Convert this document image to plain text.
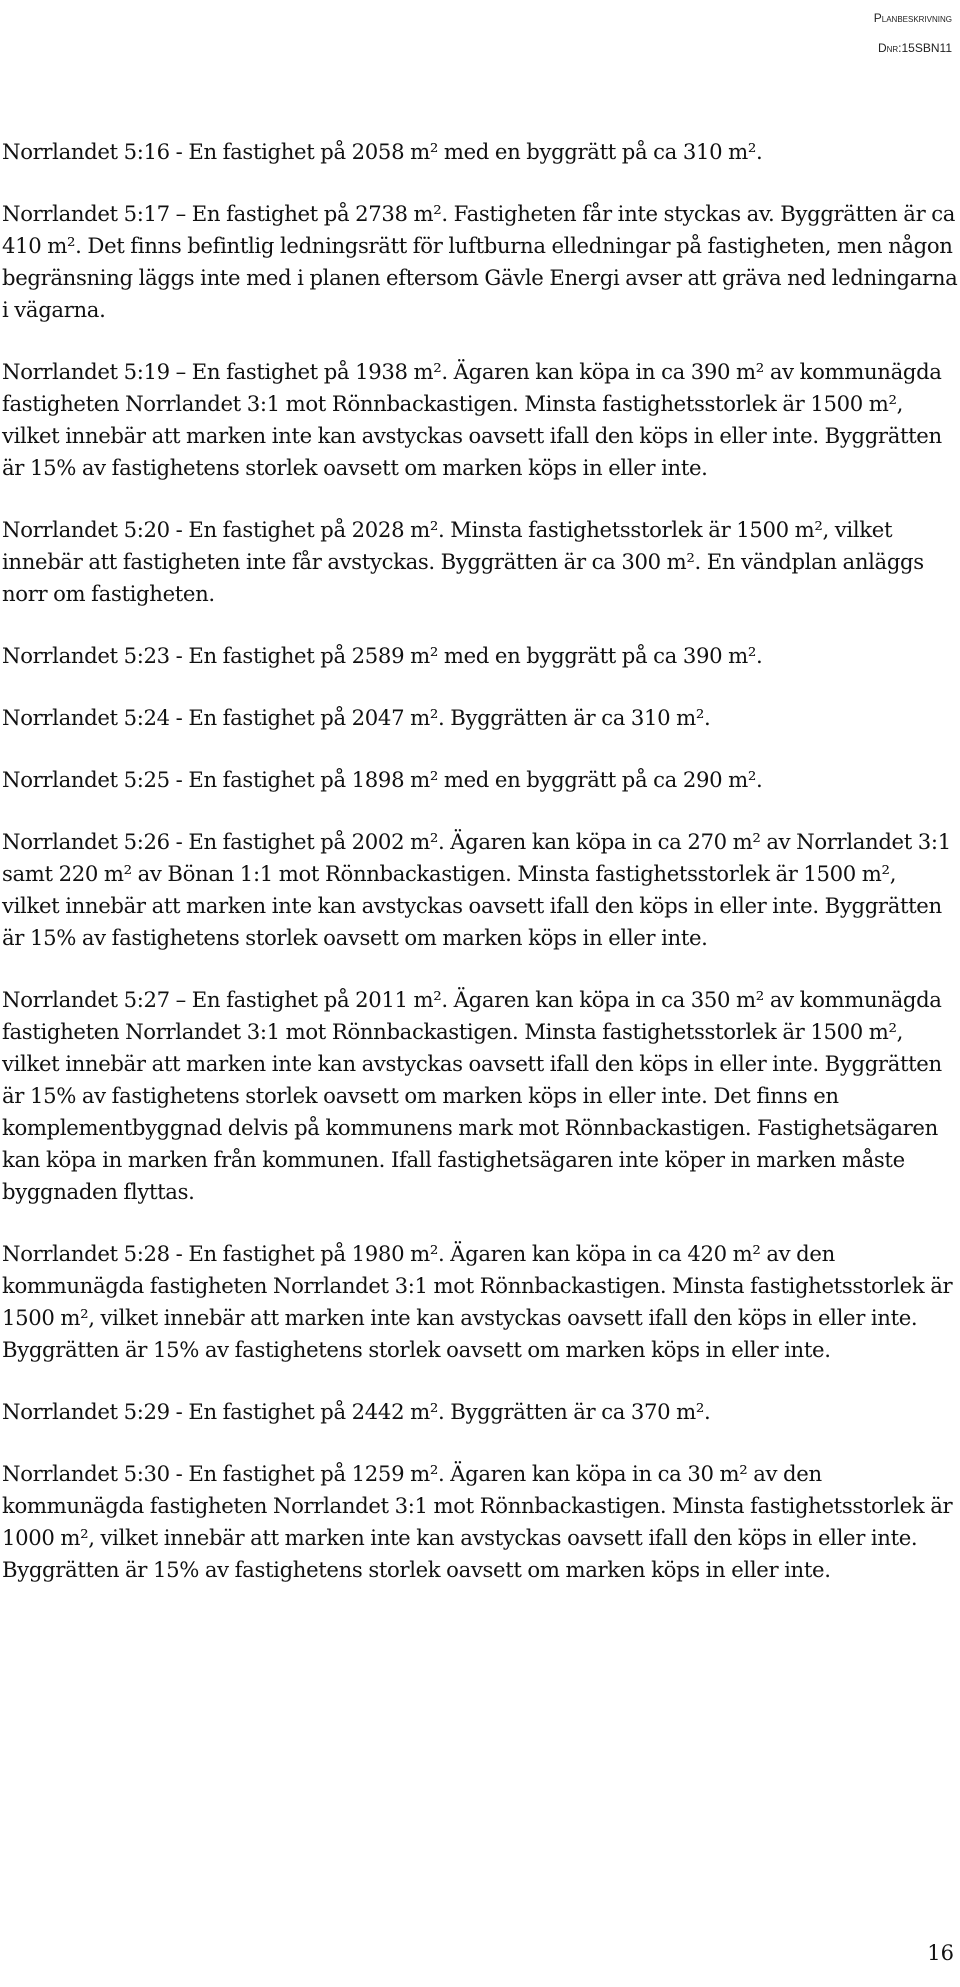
Planbeskrivning
Dnr:15SBN11

Norrlandet 5:16 - En fastighet på 2058 m² med en byggrätt på ca 310 m².

Norrlandet 5:17 – En fastighet på 2738 m². Fastigheten får inte styckas av. Byggrätten är ca 410 m². Det finns befintlig ledningsrätt för luftburna elledningar på fastigheten, men någon begränsning läggs inte med i planen eftersom Gävle Energi avser att gräva ned ledningarna i vägarna.

Norrlandet 5:19 – En fastighet på 1938 m². Ägaren kan köpa in ca 390 m² av kommunägda fastigheten Norrlandet 3:1 mot Rönnbackastigen. Minsta fastighetsstorlek är 1500 m², vilket innebär att marken inte kan avstyckas oavsett ifall den köps in eller inte. Byggrätten är 15% av fastighetens storlek oavsett om marken köps in eller inte.

Norrlandet 5:20 - En fastighet på 2028 m². Minsta fastighetsstorlek är 1500 m², vilket innebär att fastigheten inte får avstyckas. Byggrätten är ca 300 m². En vändplan anläggs norr om fastigheten.

Norrlandet 5:23 - En fastighet på 2589 m² med en byggrätt på ca 390 m².

Norrlandet 5:24 - En fastighet på 2047 m². Byggrätten är ca 310 m².

Norrlandet 5:25 - En fastighet på 1898 m² med en byggrätt på ca 290 m².

Norrlandet 5:26 - En fastighet på 2002 m². Ägaren kan köpa in ca 270 m² av Norrlandet 3:1 samt 220 m² av Bönan 1:1 mot Rönnbackastigen. Minsta fastighetsstorlek är 1500 m², vilket innebär att marken inte kan avstyckas oavsett ifall den köps in eller inte. Byggrätten är 15% av fastighetens storlek oavsett om marken köps in eller inte.

Norrlandet 5:27 – En fastighet på 2011 m². Ägaren kan köpa in ca 350 m² av kommunägda fastigheten Norrlandet 3:1 mot Rönnbackastigen. Minsta fastighetsstorlek är 1500 m², vilket innebär att marken inte kan avstyckas oavsett ifall den köps in eller inte. Byggrätten är 15% av fastighetens storlek oavsett om marken köps in eller inte. Det finns en komplementbyggnad delvis på kommunens mark mot Rönnbackastigen. Fastighetsägaren kan köpa in marken från kommunen. Ifall fastighetsägaren inte köper in marken måste byggnaden flyttas.

Norrlandet 5:28 - En fastighet på 1980 m². Ägaren kan köpa in ca 420 m² av den kommunägda fastigheten Norrlandet 3:1 mot Rönnbackastigen. Minsta fastighetsstorlek är 1500 m², vilket innebär att marken inte kan avstyckas oavsett ifall den köps in eller inte. Byggrätten är 15% av fastighetens storlek oavsett om marken köps in eller inte.

Norrlandet 5:29 - En fastighet på 2442 m². Byggrätten är ca 370 m².

Norrlandet 5:30 - En fastighet på 1259 m². Ägaren kan köpa in ca 30 m² av den kommunägda fastigheten Norrlandet 3:1 mot Rönnbackastigen. Minsta fastighetsstorlek är 1000 m², vilket innebär att marken inte kan avstyckas oavsett ifall den köps in eller inte. Byggrätten är 15% av fastighetens storlek oavsett om marken köps in eller inte.

16
